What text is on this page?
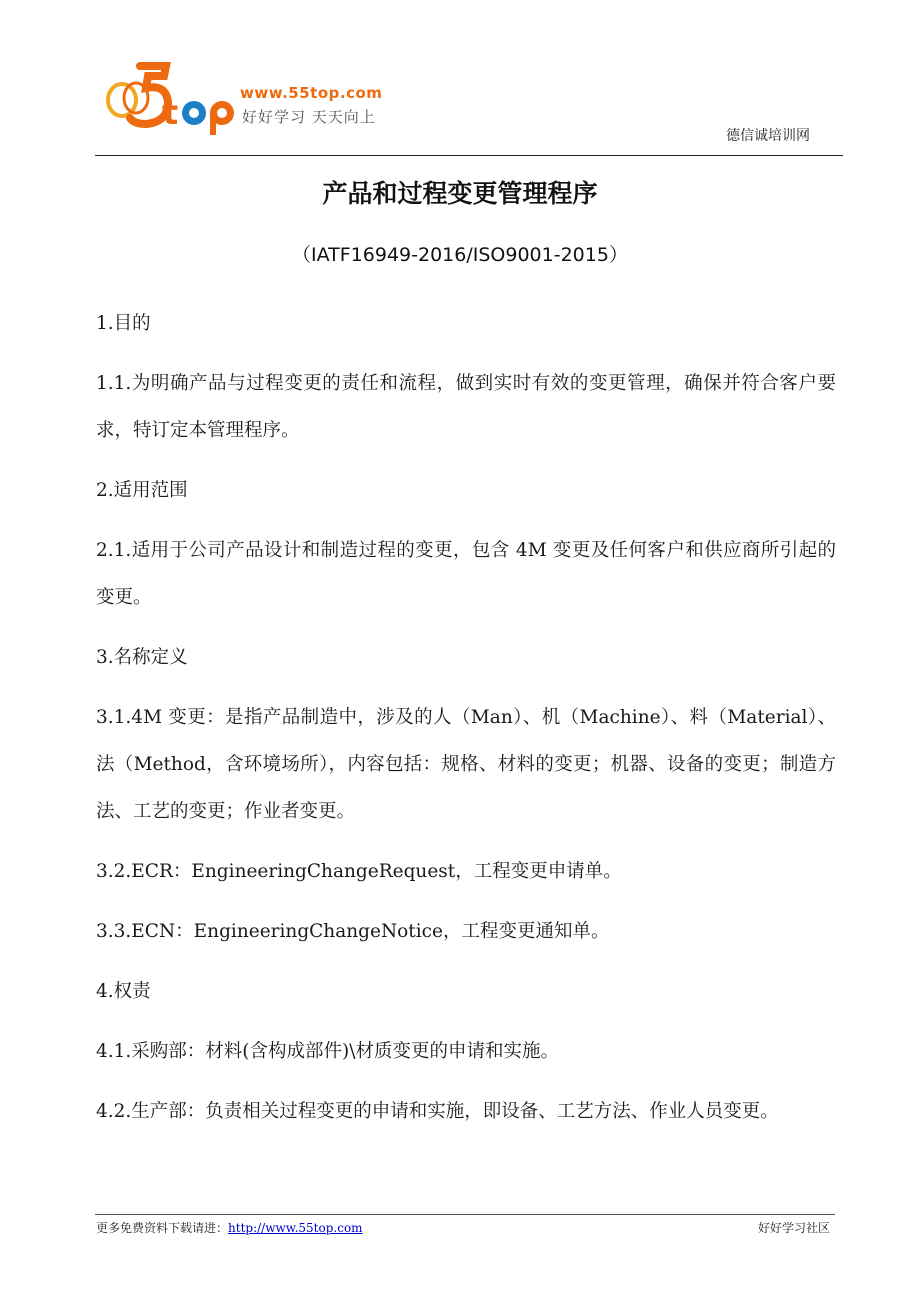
t	www.55top.com
好好学习 天天向上
德信诚培训网
产品和过程变更管理程序
（IATF16949-2016/ISO9001-2015）

1.目的

1.1.为明确产品与过程变更的责任和流程，做到实时有效的变更管理，确保并符合客户要求，特订定本管理程序。

2.适用范围

2.1.适用于公司产品设计和制造过程的变更，包含 4M 变更及任何客户和供应商所引起的变更。

3.名称定义

3.1.4M 变更：是指产品制造中，涉及的人（Man）、机（Machine）、料（Material）、法（Method，含环境场所），内容包括：规格、材料的变更；机器、设备的变更；制造方法、工艺的变更；作业者变更。

3.2.ECR：EngineeringChangeRequest，工程变更申请单。

3.3.ECN：EngineeringChangeNotice，工程变更通知单。

4.权责

4.1.采购部：材料(含构成部件)\材质变更的申请和实施。

4.2.生产部：负责相关过程变更的申请和实施，即设备、工艺方法、作业人员变更。

更多免费资料下载请进：http://www.55top.com	好好学习社区
